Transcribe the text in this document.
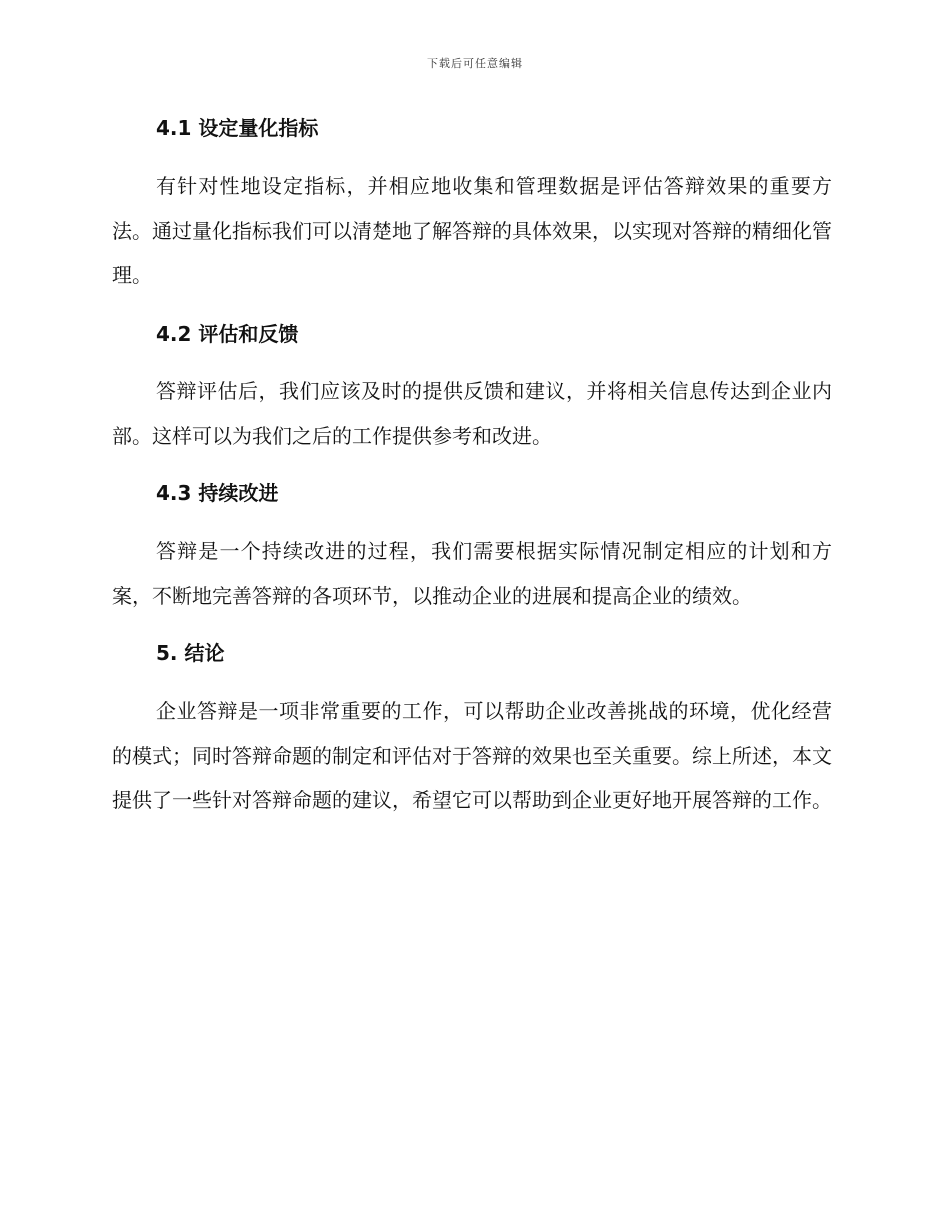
下载后可任意编辑
4.1 设定量化指标

有针对性地设定指标，并相应地收集和管理数据是评估答辩效果的重要方法。通过量化指标我们可以清楚地了解答辩的具体效果，以实现对答辩的精细化管理。

4.2 评估和反馈

答辩评估后，我们应该及时的提供反馈和建议，并将相关信息传达到企业内部。这样可以为我们之后的工作提供参考和改进。

4.3 持续改进

答辩是一个持续改进的过程，我们需要根据实际情况制定相应的计划和方案，不断地完善答辩的各项环节，以推动企业的进展和提高企业的绩效。

5. 结论

企业答辩是一项非常重要的工作，可以帮助企业改善挑战的环境，优化经营的模式；同时答辩命题的制定和评估对于答辩的效果也至关重要。综上所述，本文提供了一些针对答辩命题的建议，希望它可以帮助到企业更好地开展答辩的工作。
